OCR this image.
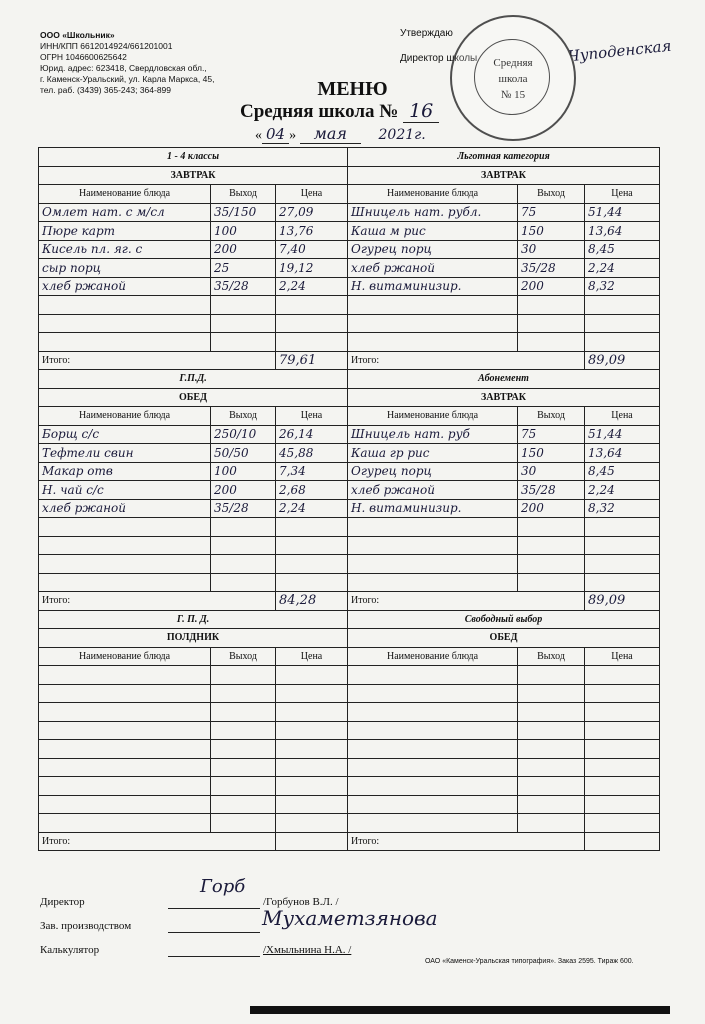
ООО «Школьник»
ИНН/КПП 6612014924/661201001
ОГРН 1046600625642
Юрид. адрес: 623418, Свердловская обл.,
г. Каменск-Уральский, ул. Карла Маркса, 45,
тел. раб. (3439) 365-243; 364-899
Утверждаю
Директор школы	Чуподенская
Средняя
школа
№ 15
МЕНЮ
Средняя школа № 16
« 04 » мая 2021г.
1 - 4 классы			Льготная категория		
ЗАВТРАК			ЗАВТРАК		
Наименование блюда	Выход	Цена	Наименование блюда	Выход	Цена
Омлет нат. с м/сл	35/150	27,09	Шницель нат. рубл.	75	51,44
Пюре карт	100	13,76	Каша м рис	150	13,64
Кисель пл. яг. с	200	7,40	Огурец порц	30	8,45
сыр порц	25	19,12	хлеб ржаной	35/28	2,24
хлеб ржаной	35/28	2,24	Н. витаминизир.	200	8,32

Итого:		79,61	Итого:		89,09
Г.П.Д.			Абонемент		
ОБЕД			ЗАВТРАК		
Наименование блюда	Выход	Цена	Наименование блюда	Выход	Цена
Борщ с/с	250/10	26,14	Шницель нат. руб	75	51,44
Тефтели свин	50/50	45,88	Каша гр рис	150	13,64
Макар отв	100	7,34	Огурец порц	30	8,45
Н. чай с/с	200	2,68	хлеб ржаной	35/28	2,24
хлеб ржаной	35/28	2,24	Н. витаминизир.	200	8,32

Итого:		84,28	Итого:		89,09
Г. П. Д.			Свободный выбор		
ПОЛДНИК			ОБЕД		
Наименование блюда	Выход	Цена	Наименование блюда	Выход	Цена

Итого:			Итого:		
Директор
Горб
/Горбунов В.Л. /
Зав. производством	Мухаметзянова
Калькулятор	/Хмыльнина Н.А. /
ОАО «Каменск-Уральская типография». Заказ 2595. Тираж 600.
